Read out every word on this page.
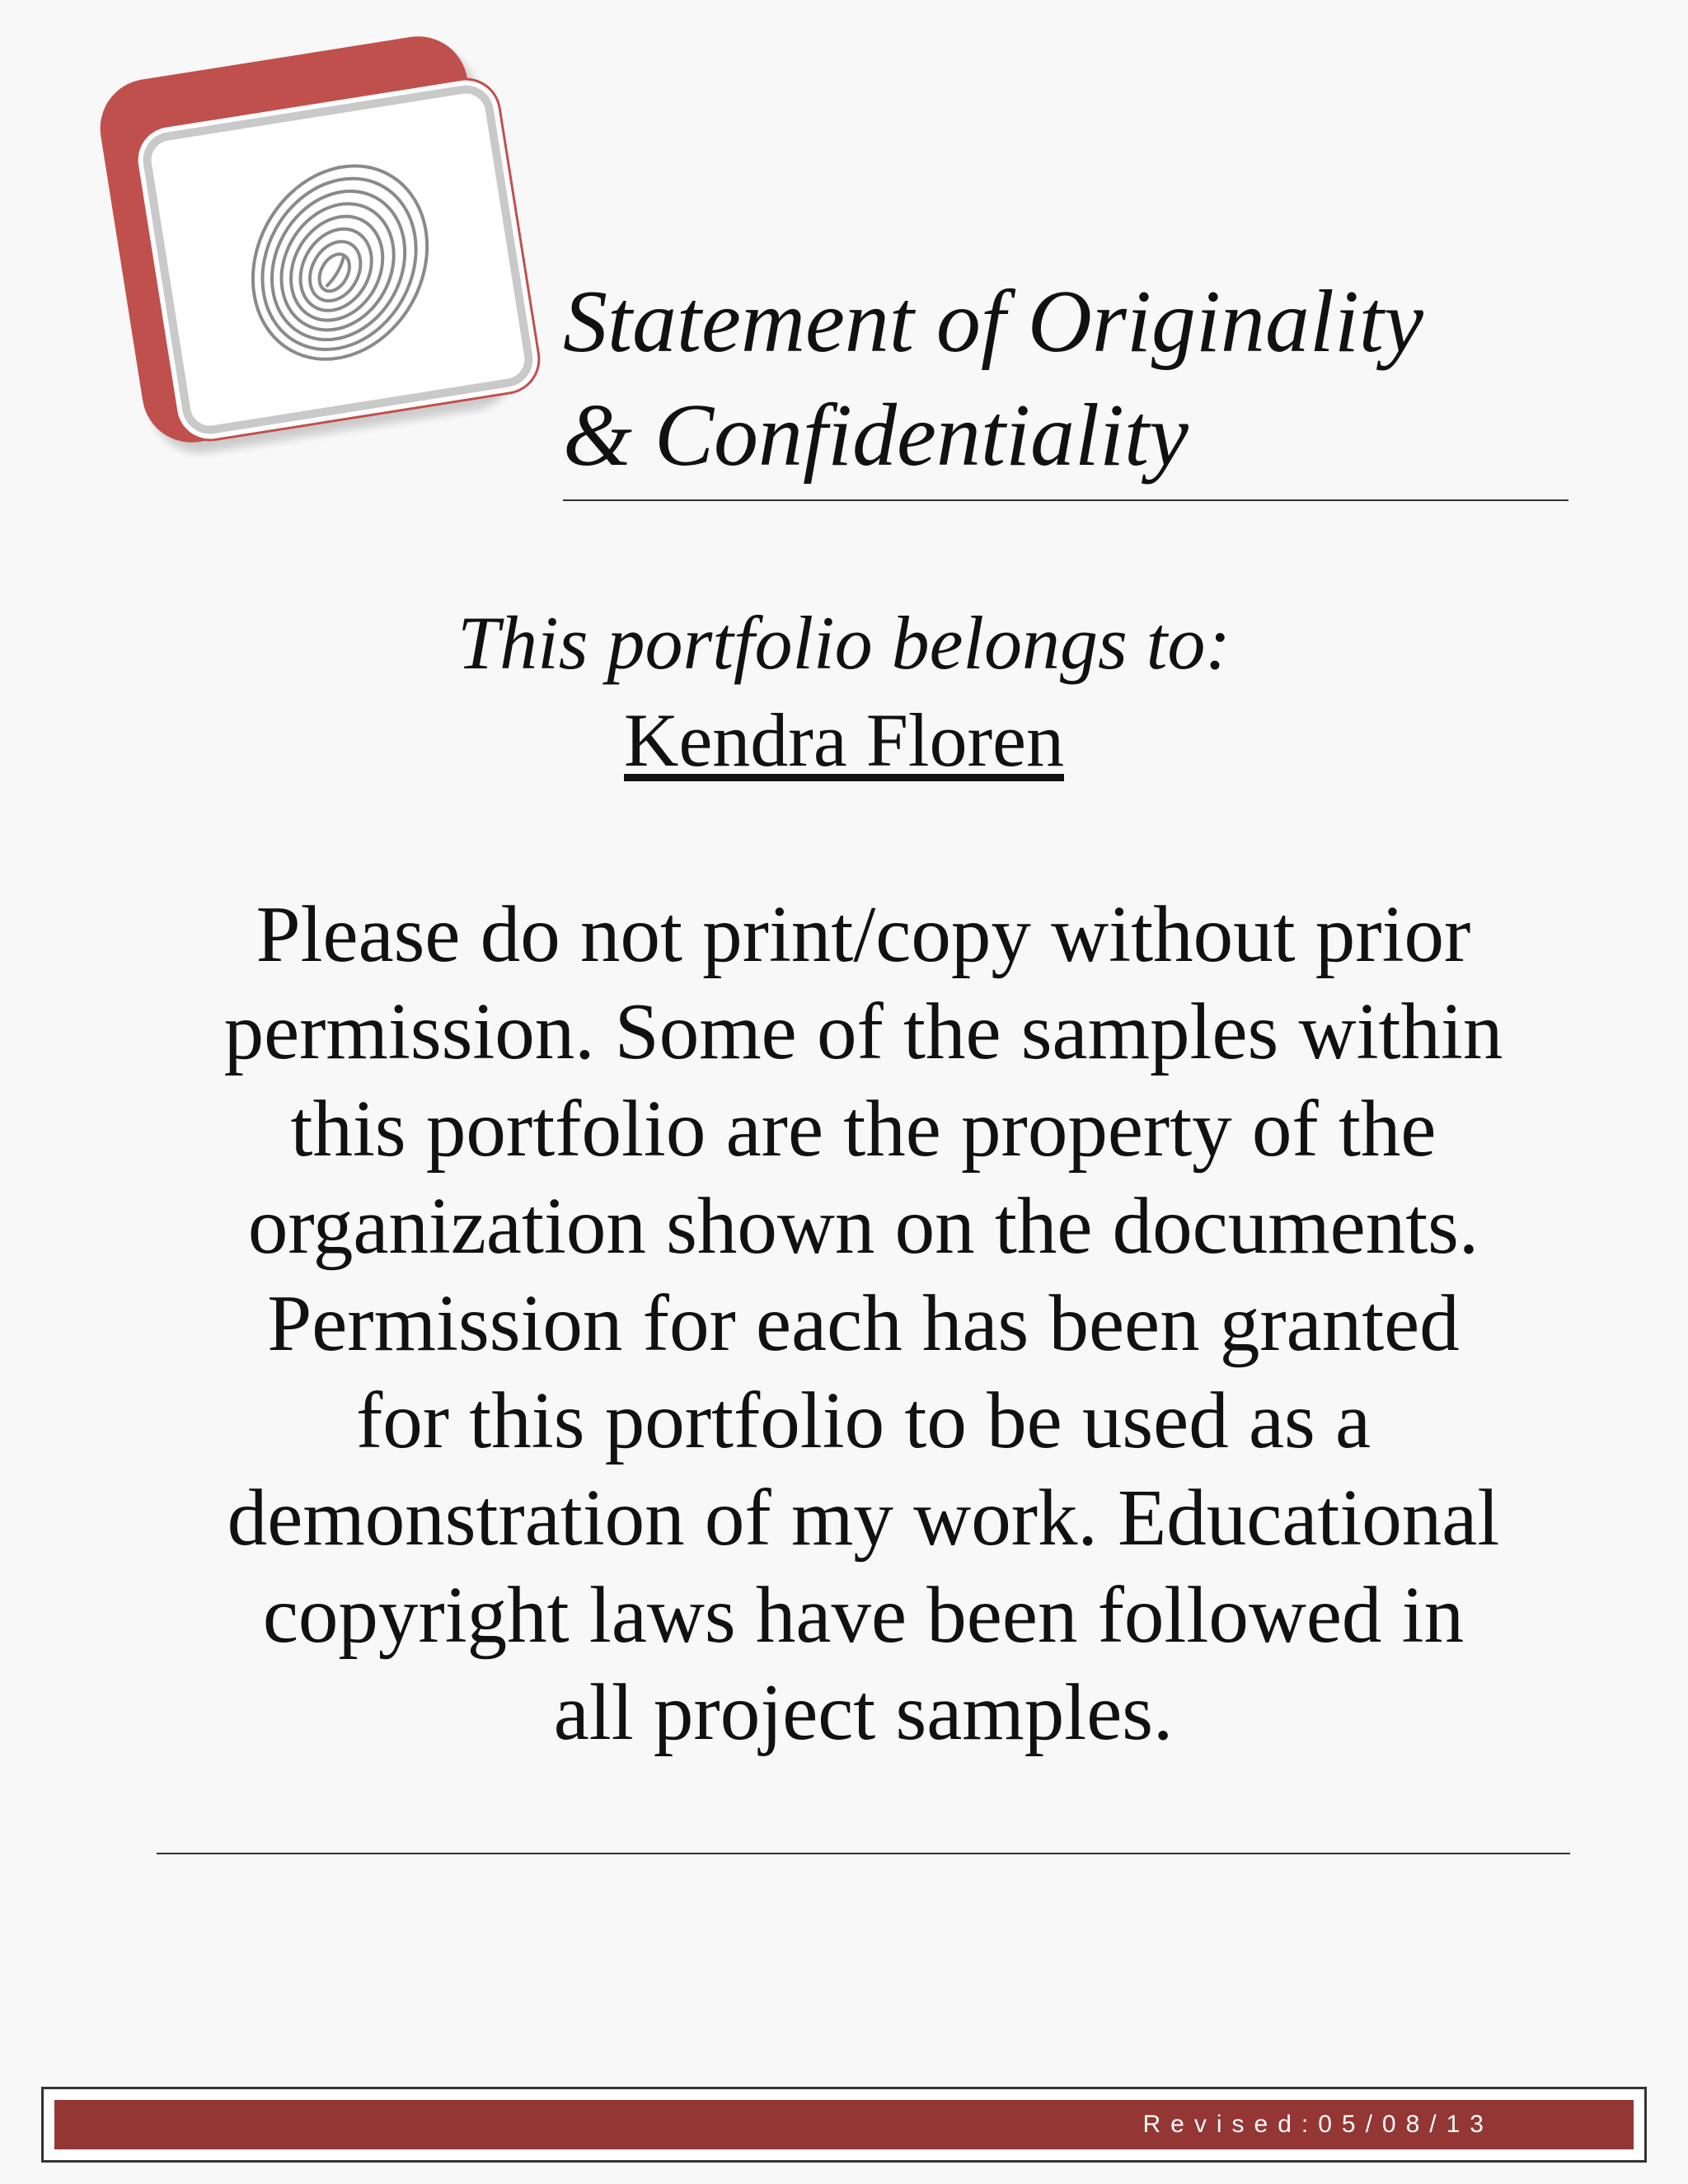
Statement of Originality
& Confidentiality
This portfolio belongs to:
Kendra Floren
Please do not print/copy without prior
permission. Some of the samples within
this portfolio are the property of the
organization shown on the documents.
Permission for each has been granted
for this portfolio to be used as a
demonstration of my work. Educational
copyright laws have been followed in
all project samples.
Revised:05/08/13
